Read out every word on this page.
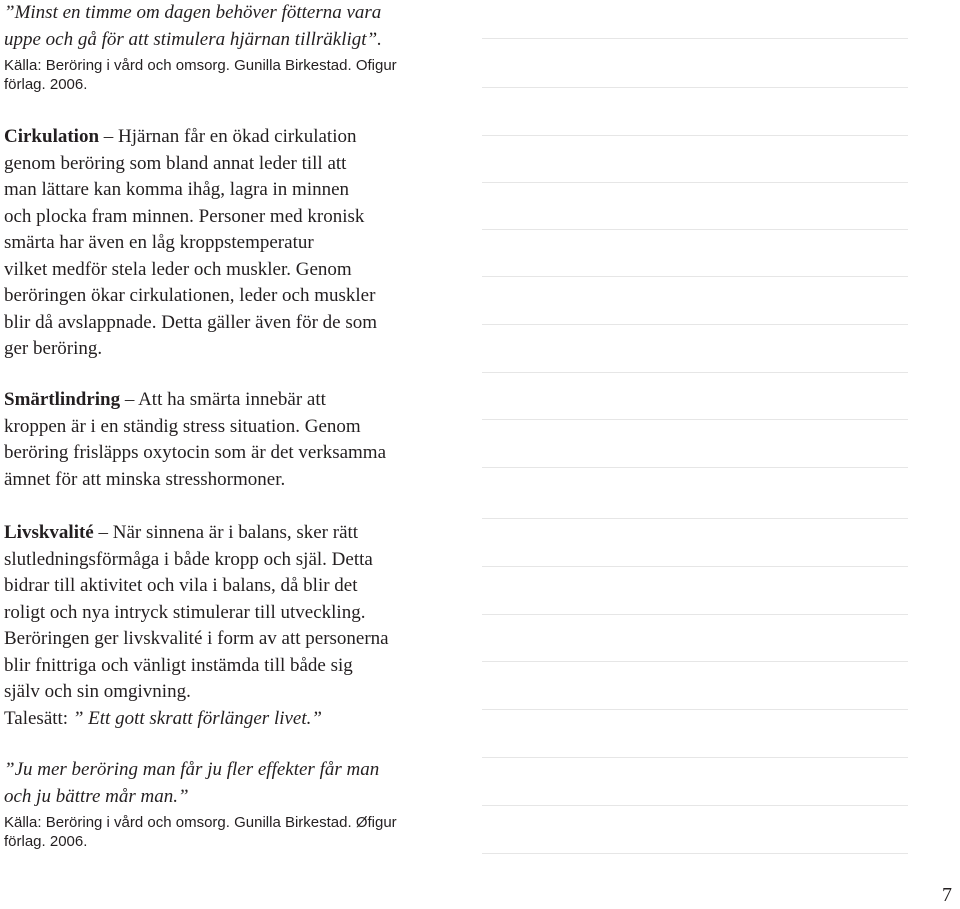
”Minst en timme om dagen behöver fötterna vara
uppe och gå för att stimulera hjärnan tillräkligt”.
Källa: Beröring i vård och omsorg. Gunilla Birkestad. Ofigur
förlag. 2006.
Cirkulation – Hjärnan får en ökad cirkulation
genom beröring som bland annat leder till att
man lättare kan komma ihåg, lagra in minnen
och plocka fram minnen. Personer med kronisk
smärta har även en låg kroppstemperatur
vilket medför stela leder och muskler. Genom
beröringen ökar cirkulationen, leder och muskler
blir då avslappnade. Detta gäller även för de som
ger beröring.
Smärtlindring – Att ha smärta innebär att
kroppen är i en ständig stress situation. Genom
beröring frisläpps oxytocin som är det verksamma
ämnet för att minska stresshormoner.
Livskvalité – När sinnena är i balans, sker rätt
slutledningsförmåga i både kropp och själ. Detta
bidrar till aktivitet och vila i balans, då blir det
roligt och nya intryck stimulerar till utveckling.
Beröringen ger livskvalité i form av att personerna
blir fnittriga och vänligt instämda till både sig
själv och sin omgivning.
Talesätt: ” Ett gott skratt förlänger livet.”
”Ju mer beröring man får ju fler effekter får man
och ju bättre mår man.”
Källa: Beröring i vård och omsorg. Gunilla Birkestad. Øfigur
förlag. 2006.
7
